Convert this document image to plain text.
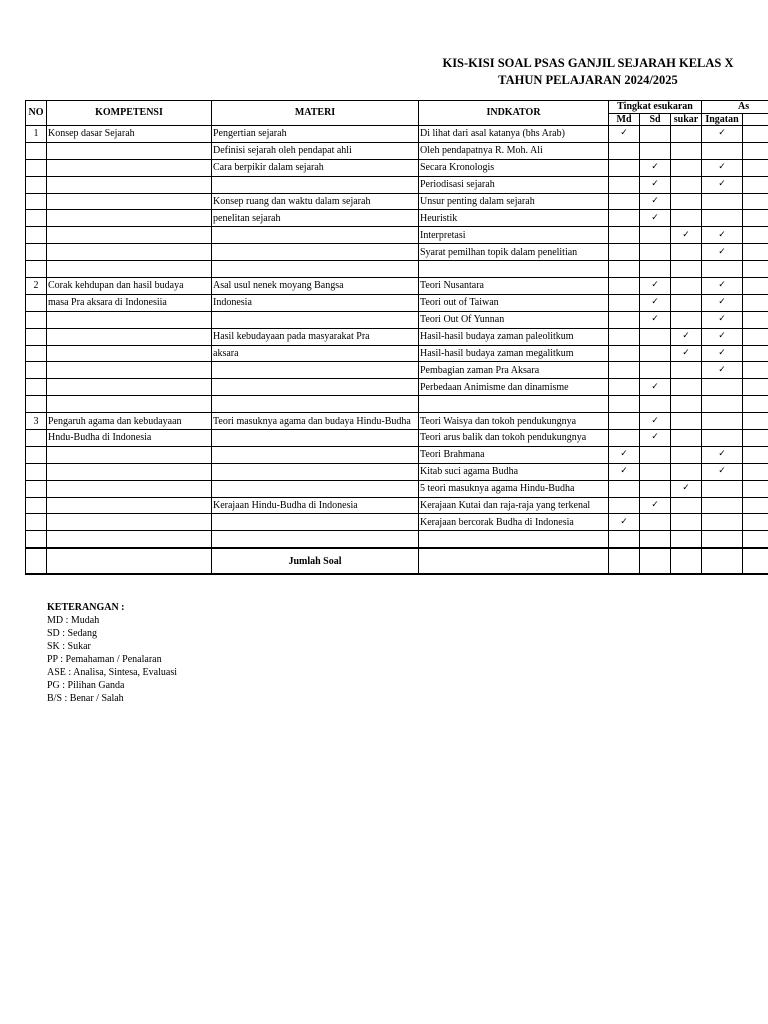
KIS-KISI SOAL PSAS GANJIL SEJARAH KELAS X
TAHUN PELAJARAN 2024/2025
NO	KOMPETENSI	MATERI	INDKATOR	Tingkat esukaran			As	
				Md	Sd	sukar	Ingatan	
1	Konsep dasar Sejarah	Pengertian sejarah	Di lihat dari asal katanya (bhs Arab)	✓			✓	
		Definisi sejarah oleh pendapat ahli	Oleh pendapatnya R. Moh. Ali					
		Cara berpikir dalam sejarah	Secara Kronologis		✓		✓	
			Periodisasi sejarah		✓		✓	
		Konsep ruang dan waktu dalam sejarah	Unsur penting dalam sejarah		✓			
		penelitan sejarah	Heuristik		✓			
			Interpretasi			✓	✓	
			Syarat pemilhan topik dalam penelitian				✓	

2	Corak kehdupan dan hasil budaya	Asal usul nenek moyang Bangsa	Teori Nusantara		✓		✓	
	masa Pra aksara di Indonesiia	Indonesia	Teori out of Taiwan		✓		✓	
			Teori Out Of Yunnan		✓		✓	
		Hasil kebudayaan pada masyarakat Pra	Hasil-hasil budaya zaman paleolitkum			✓	✓	
		aksara	Hasil-hasil budaya zaman megalitkum			✓	✓	
			Pembagian zaman Pra Aksara				✓	
			Perbedaan Animisme dan dinamisme		✓			

3	Pengaruh agama dan kebudayaan	Teori masuknya agama dan budaya Hindu-Budha	Teori Waisya dan tokoh pendukungnya		✓			
	Hndu-Budha di Indonesia		Teori arus balik dan tokoh pendukungnya		✓			
			Teori Brahmana	✓			✓	
			Kitab suci agama Budha	✓			✓	
			5 teori masuknya agama Hindu-Budha			✓		
		Kerajaan Hindu-Budha di Indonesia	Kerajaan Kutai dan raja-raja yang terkenal		✓			
			Kerajaan bercorak Budha di Indonesia	✓				

		Jumlah Soal						
KETERANGAN :
MD : Mudah
SD : Sedang
SK : Sukar
PP : Pemahaman / Penalaran
ASE : Analisa, Sintesa, Evaluasi
PG : Pilihan Ganda
B/S : Benar / Salah
